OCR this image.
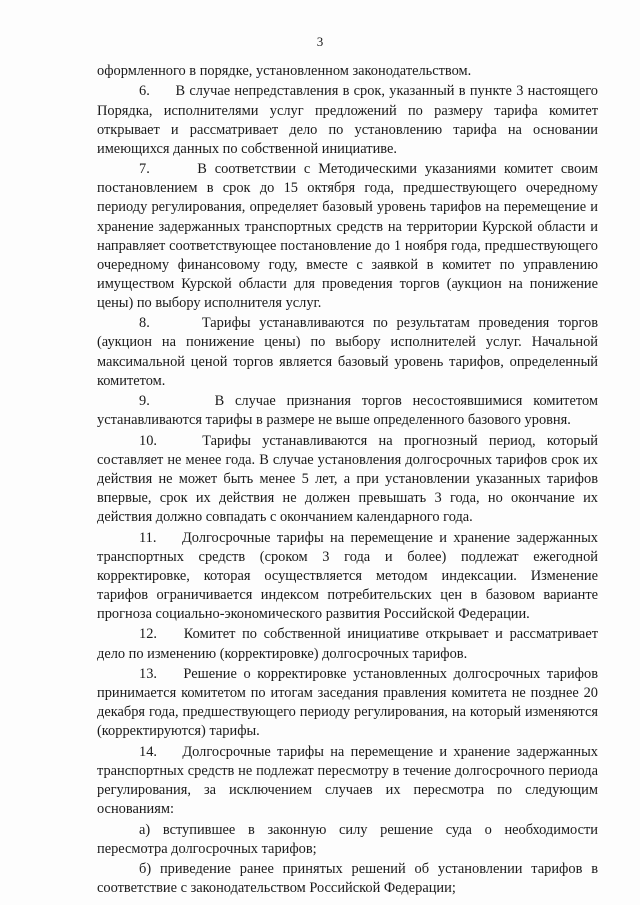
3

оформленного в порядке, установленном законодательством.

6.      В случае непредставления в срок, указанный в пункте 3 настоящего Порядка, исполнителями услуг предложений по размеру тарифа комитет открывает и рассматривает дело по установлению тарифа на основании имеющихся данных по собственной инициативе.

7.      В соответствии с Методическими указаниями комитет своим постановлением в срок до 15 октября года, предшествующего очередному периоду регулирования, определяет базовый уровень тарифов на перемещение и хранение задержанных транспортных средств на территории Курской области и направляет соответствующее постановление до 1 ноября года, предшествующего очередному финансовому году, вместе с заявкой в комитет по управлению имуществом Курской области для проведения торгов (аукцион на понижение цены) по выбору исполнителя услуг.

8.      Тарифы устанавливаются по результатам проведения торгов (аукцион на понижение цены) по выбору исполнителей услуг. Начальной максимальной ценой торгов является базовый уровень тарифов, определенный комитетом.

9.      В случае признания торгов несостоявшимися комитетом устанавливаются тарифы в размере не выше определенного базового уровня.

10.    Тарифы устанавливаются на прогнозный период, который составляет не менее года. В случае установления долгосрочных тарифов срок их действия не может быть менее 5 лет, а при установлении указанных тарифов впервые, срок их действия не должен превышать 3 года, но окончание их действия должно совпадать с окончанием календарного года.

11.    Долгосрочные тарифы на перемещение и хранение задержанных транспортных средств (сроком 3 года и более) подлежат ежегодной корректировке, которая осуществляется методом индексации. Изменение тарифов ограничивается индексом потребительских цен в базовом варианте прогноза социально-экономического развития Российской Федерации.

12.    Комитет по собственной инициативе открывает и рассматривает дело по изменению (корректировке) долгосрочных тарифов.

13.    Решение о корректировке установленных долгосрочных тарифов принимается комитетом по итогам заседания правления комитета не позднее 20 декабря года, предшествующего периоду регулирования, на который изменяются (корректируются) тарифы.

14.    Долгосрочные тарифы на перемещение и хранение задержанных транспортных средств не подлежат пересмотру в течение долгосрочного периода регулирования, за исключением случаев их пересмотра по следующим основаниям:

а) вступившее в законную силу решение суда о необходимости пересмотра долгосрочных тарифов;

б) приведение ранее принятых решений об установлении тарифов в соответствие с законодательством Российской Федерации;
